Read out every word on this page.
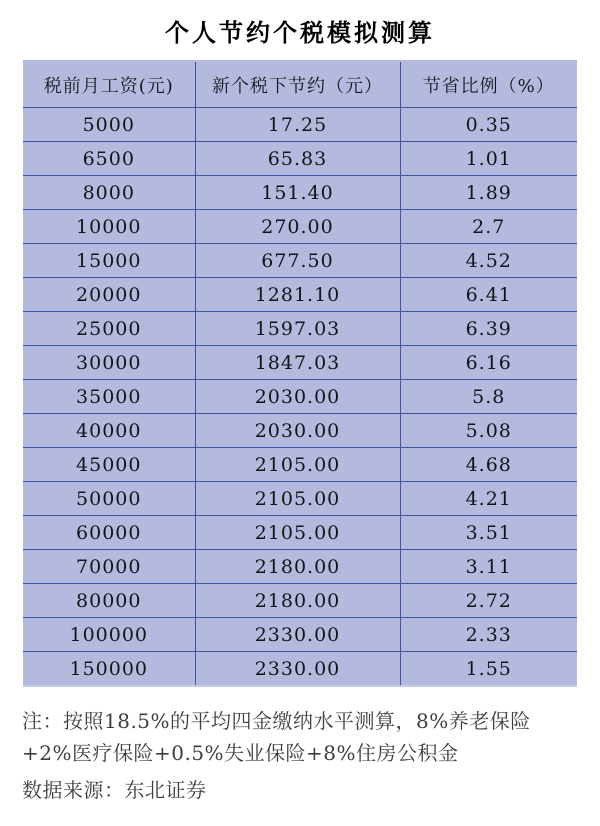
个人节约个税模拟测算
税前月工资(元)	新个税下节约（元）	节省比例（%）
5000	17.25	0.35
6500	65.83	1.01
8000	151.40	1.89
10000	270.00	2.7
15000	677.50	4.52
20000	1281.10	6.41
25000	1597.03	6.39
30000	1847.03	6.16
35000	2030.00	5.8
40000	2030.00	5.08
45000	2105.00	4.68
50000	2105.00	4.21
60000	2105.00	3.51
70000	2180.00	3.11
80000	2180.00	2.72
100000	2330.00	2.33
150000	2330.00	1.55

注：按照18.5%的平均四金缴纳水平测算，8%养老保险+2%医疗保险+0.5%失业保险+8%住房公积金

数据来源：东北证券
